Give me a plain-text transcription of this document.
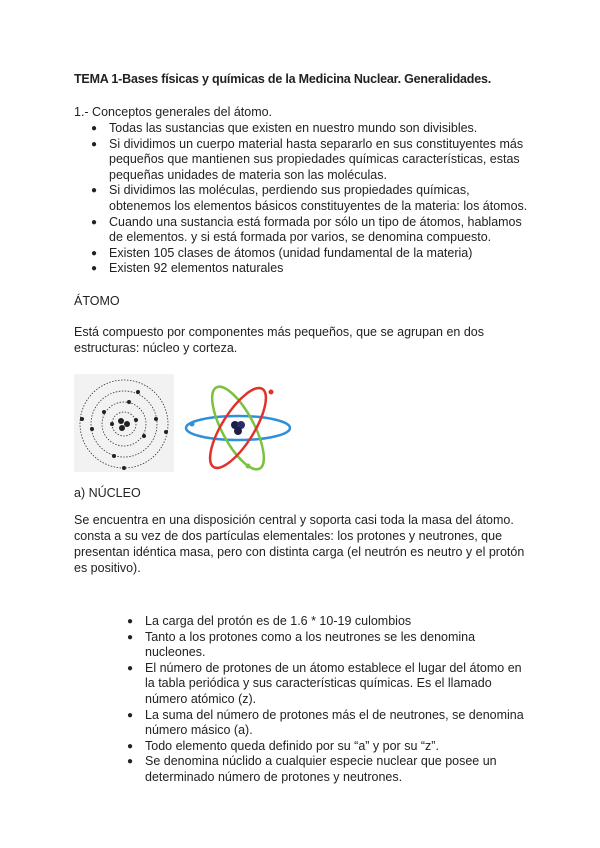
TEMA 1-Bases físicas y químicas de la Medicina Nuclear. Generalidades.
1.- Conceptos generales del átomo.
● Todas las sustancias que existen en nuestro mundo son divisibles.
● Si dividimos un cuerpo material hasta separarlo en sus constituyentes más pequeños que mantienen sus propiedades químicas características, estas pequeñas unidades de materia son las moléculas.
● Si dividimos las moléculas, perdiendo sus propiedades químicas, obtenemos los elementos básicos constituyentes de la materia: los átomos.
● Cuando una sustancia está formada por sólo un tipo de átomos, hablamos de elementos. y si está formada por varios, se denomina compuesto.
● Existen 105 clases de átomos (unidad fundamental de la materia)
● Existen 92 elementos naturales
ÁTOMO
Está compuesto por componentes más pequeños, que se agrupan en dos estructuras: núcleo y corteza.
a) NÚCLEO
Se encuentra en una disposición central y soporta casi toda la masa del átomo. consta a su vez de dos partículas elementales: los protones y neutrones, que presentan idéntica masa, pero con distinta carga (el neutrón es neutro y el protón es positivo).
● La carga del protón es de 1.6 * 10-19 culombios
● Tanto a los protones como a los neutrones se les denomina nucleones.
● El número de protones de un átomo establece el lugar del átomo en la tabla periódica y sus características químicas. Es el llamado número atómico (z).
● La suma del número de protones más el de neutrones, se denomina número másico (a).
● Todo elemento queda definido por su “a” y por su “z”.
● Se denomina núclido a cualquier especie nuclear que posee un determinado número de protones y neutrones.
